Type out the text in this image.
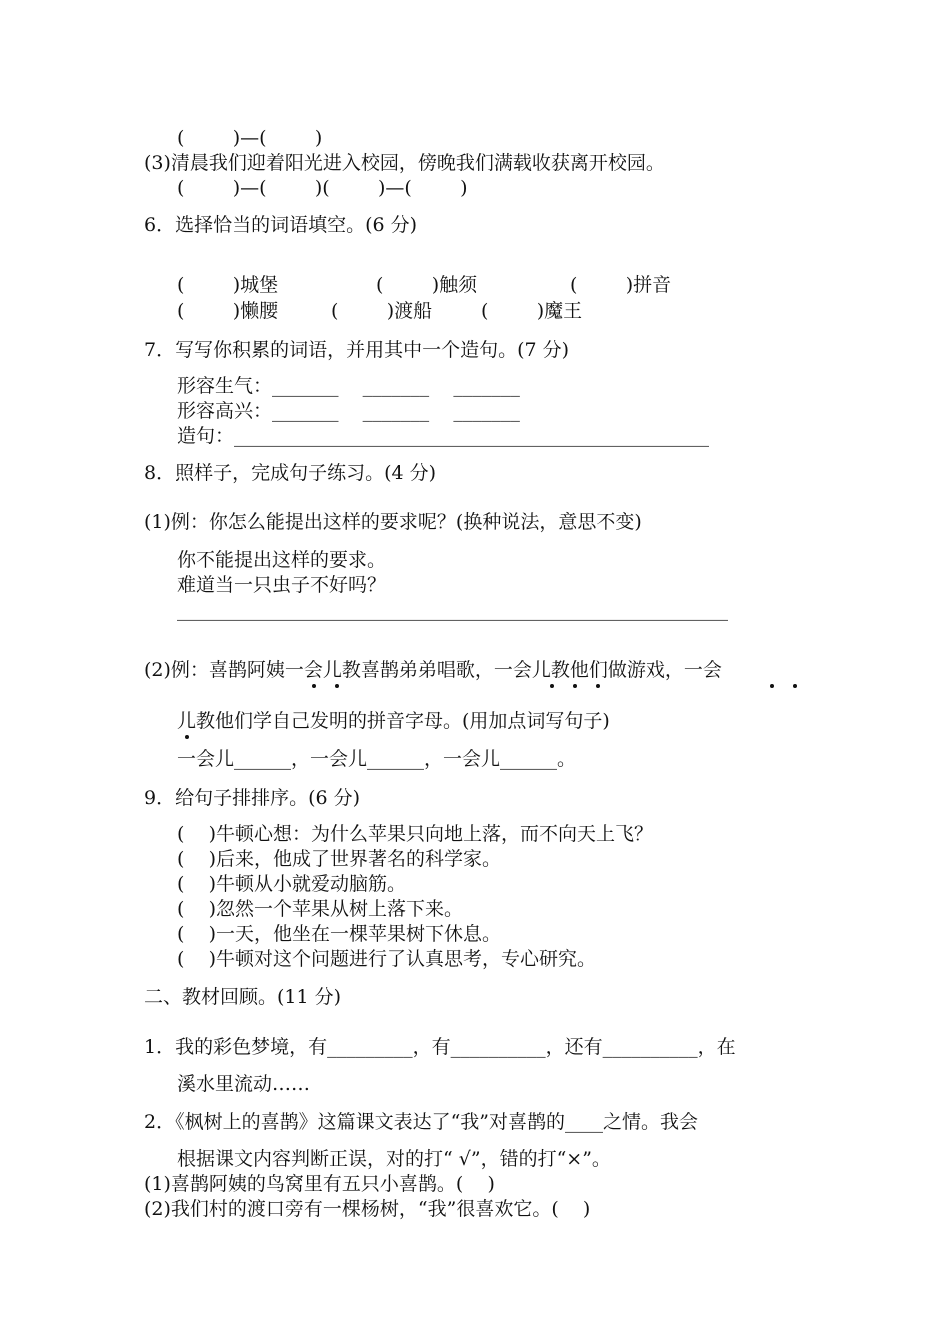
(        )—(        )
(3)清晨我们迎着阳光进入校园，傍晚我们满载收获离开校园。
(        )—(        )(        )—(        )
6．选择恰当的词语填空。(6 分)
(        )城堡	(        )触须	(        )拼音
(        )懒腰	(        )渡船	(        )魔王
7．写写你积累的词语，并用其中一个造句。(7 分)
形容生气：_______    _______    _______
形容高兴：_______    _______    _______
造句：__________________________________________________
8．照样子，完成句子练习。(4 分)
(1)例：你怎么能提出这样的要求呢？(换种说法，意思不变)
你不能提出这样的要求。
难道当一只虫子不好吗？
__________________________________________________________
(2)例：喜鹊阿姨一会儿教喜鹊弟弟唱歌，一会儿教他们做游戏，一会
儿教他们学自己发明的拼音字母。(用加点词写句子)
一会儿______，一会儿______，一会儿______。
9．给句子排排序。(6 分)
(    )牛顿心想：为什么苹果只向地上落，而不向天上飞？
(    )后来，他成了世界著名的科学家。
(    )牛顿从小就爱动脑筋。
(    )忽然一个苹果从树上落下来。
(    )一天，他坐在一棵苹果树下休息。
(    )牛顿对这个问题进行了认真思考，专心研究。
二、教材回顾。(11 分)
1．我的彩色梦境，有_________，有__________，还有__________，在
溪水里流动……
2．《枫树上的喜鹊》这篇课文表达了“我”对喜鹊的____之情。我会
根据课文内容判断正误，对的打“ √”，错的打“×”。
(1)喜鹊阿姨的鸟窝里有五只小喜鹊。(    )
(2)我们村的渡口旁有一棵杨树，“我”很喜欢它。(    )
